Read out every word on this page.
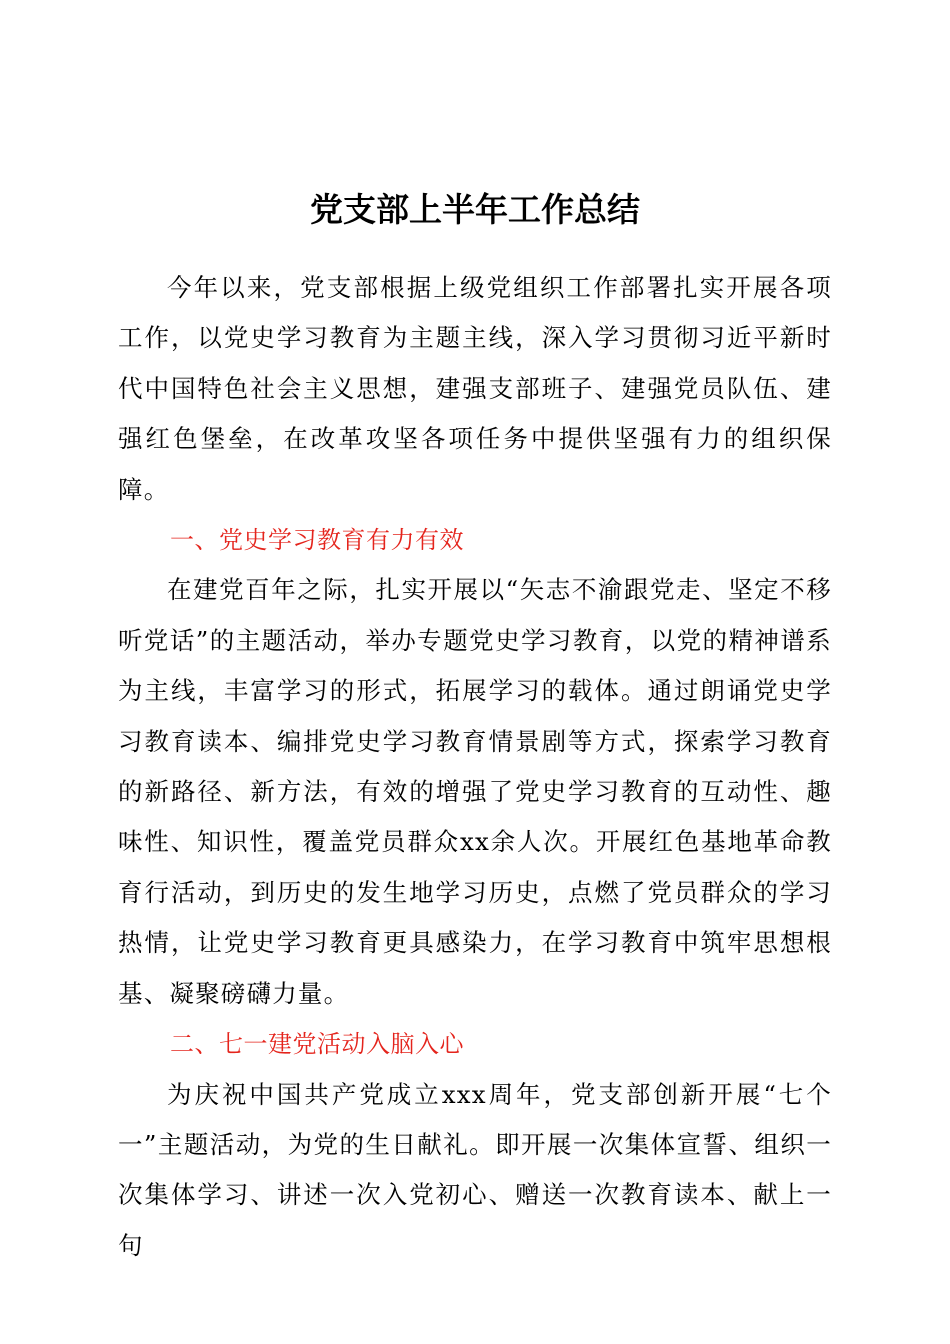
党支部上半年工作总结

今年以来，党支部根据上级党组织工作部署扎实开展各项工作，以党史学习教育为主题主线，深入学习贯彻习近平新时代中国特色社会主义思想，建强支部班子、建强党员队伍、建强红色堡垒，在改革攻坚各项任务中提供坚强有力的组织保障。

一、党史学习教育有力有效

在建党百年之际，扎实开展以“矢志不渝跟党走、坚定不移听党话”的主题活动，举办专题党史学习教育，以党的精神谱系为主线，丰富学习的形式，拓展学习的载体。通过朗诵党史学习教育读本、编排党史学习教育情景剧等方式，探索学习教育的新路径、新方法，有效的增强了党史学习教育的互动性、趣味性、知识性，覆盖党员群众xx余人次。开展红色基地革命教育行活动，到历史的发生地学习历史，点燃了党员群众的学习热情，让党史学习教育更具感染力，在学习教育中筑牢思想根基、凝聚磅礴力量。

二、七一建党活动入脑入心

为庆祝中国共产党成立xxx周年，党支部创新开展“七个一”主题活动，为党的生日献礼。即开展一次集体宣誓、组织一次集体学习、讲述一次入党初心、赠送一次教育读本、献上一句
